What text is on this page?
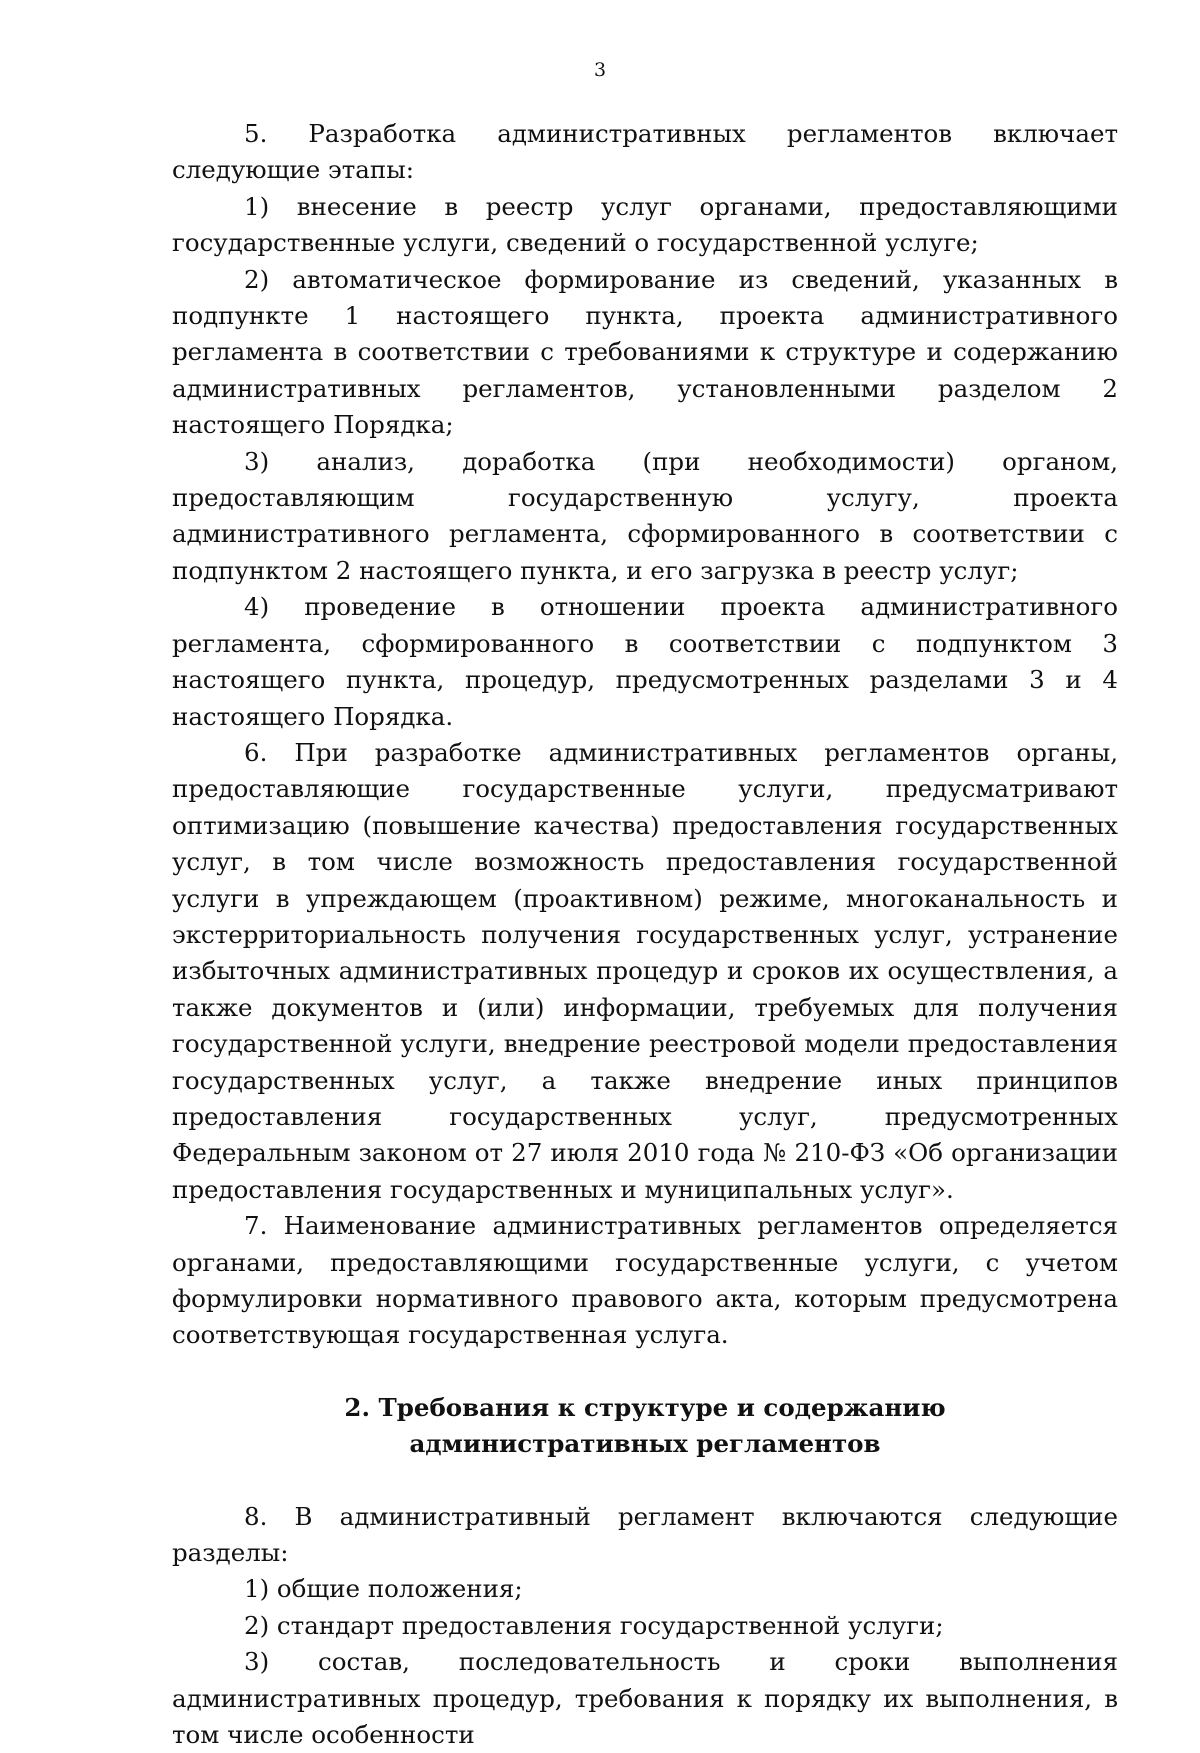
3

5. Разработка административных регламентов включает следующие этапы:

1) внесение в реестр услуг органами, предоставляющими государственные услуги, сведений о государственной услуге;

2) автоматическое формирование из сведений, указанных в подпункте 1 настоящего пункта, проекта административного регламента в соответствии с требованиями к структуре и содержанию административных регламентов, установленными разделом 2 настоящего Порядка;

3) анализ, доработка (при необходимости) органом, предоставляющим государственную услугу, проекта административного регламента, сформированного в соответствии с подпунктом 2 настоящего пункта, и его загрузка в реестр услуг;

4) проведение в отношении проекта административного регламента, сформированного в соответствии с подпунктом 3 настоящего пункта, процедур, предусмотренных разделами 3 и 4 настоящего Порядка.

6. При разработке административных регламентов органы, предоставляющие государственные услуги, предусматривают оптимизацию (повышение качества) предоставления государственных услуг, в том числе возможность предоставления государственной услуги в упреждающем (проактивном) режиме, многоканальность и экстерриториальность получения государственных услуг, устранение избыточных административных процедур и сроков их осуществления, а также документов и (или) информации, требуемых для получения государственной услуги, внедрение реестровой модели предоставления государственных услуг, а также внедрение иных принципов предоставления государственных услуг, предусмотренных Федеральным законом от 27 июля 2010 года № 210-ФЗ «Об организации предоставления государственных и муниципальных услуг».

7. Наименование административных регламентов определяется органами, предоставляющими государственные услуги, с учетом формулировки нормативного правового акта, которым предусмотрена соответствующая государственная услуга.

2. Требования к структуре и содержанию
административных регламентов

8. В административный регламент включаются следующие разделы:

1) общие положения;

2) стандарт предоставления государственной услуги;

3) состав, последовательность и сроки выполнения административных процедур, требования к порядку их выполнения, в том числе особенности
